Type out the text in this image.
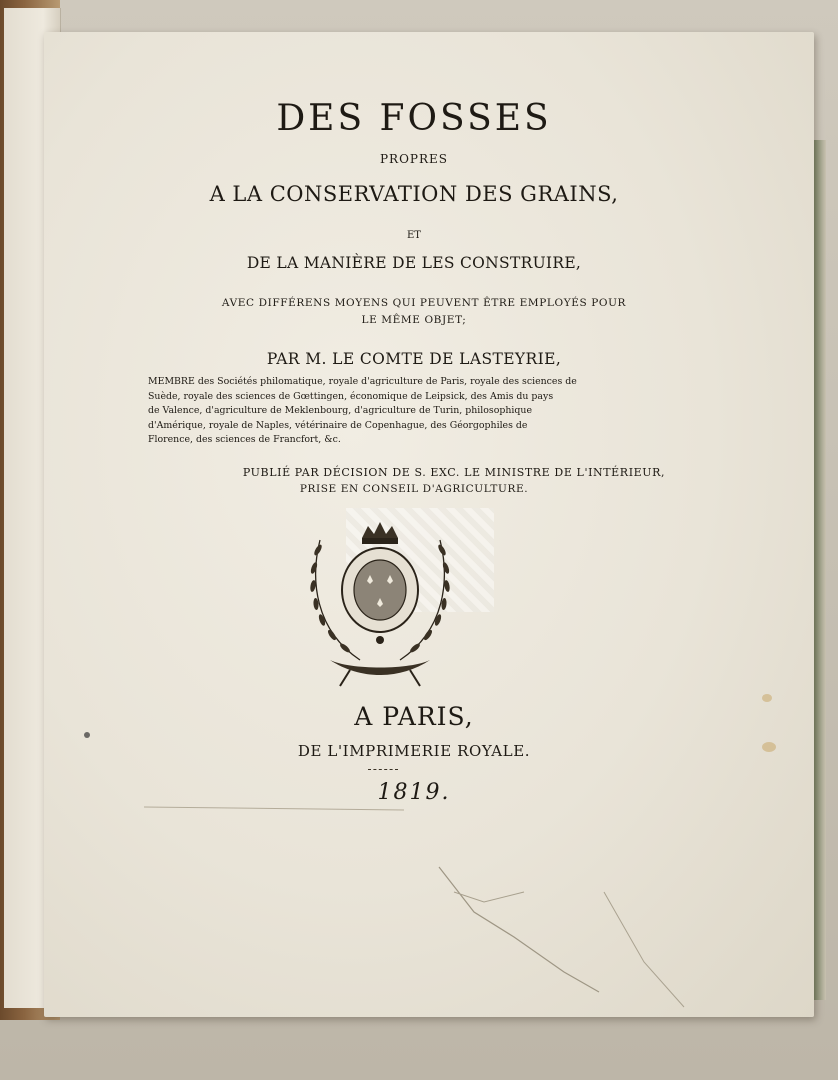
DES FOSSES
PROPRES
A LA CONSERVATION DES GRAINS,
ET
DE LA MANIÈRE DE LES CONSTRUIRE,
AVEC DIFFÉRENS MOYENS QUI PEUVENT ÊTRE EMPLOYÉS POUR
LE MÊME OBJET;
PAR M. LE COMTE DE LASTEYRIE,
MEMBRE des Sociétés philomatique, royale d'agriculture de Paris, royale des sciences de
Suède, royale des sciences de Gœttingen, économique de Leipsick, des Amis du pays
de Valence, d'agriculture de Meklenbourg, d'agriculture de Turin, philosophique
d'Amérique, royale de Naples, vétérinaire de Copenhague, des Géorgophiles de
Florence, des sciences de Francfort, &c.
PUBLIÉ PAR DÉCISION DE S. EXC. LE MINISTRE DE L'INTÉRIEUR,
PRISE EN CONSEIL D'AGRICULTURE.
A PARIS,
DE L'IMPRIMERIE ROYALE.
1819.
